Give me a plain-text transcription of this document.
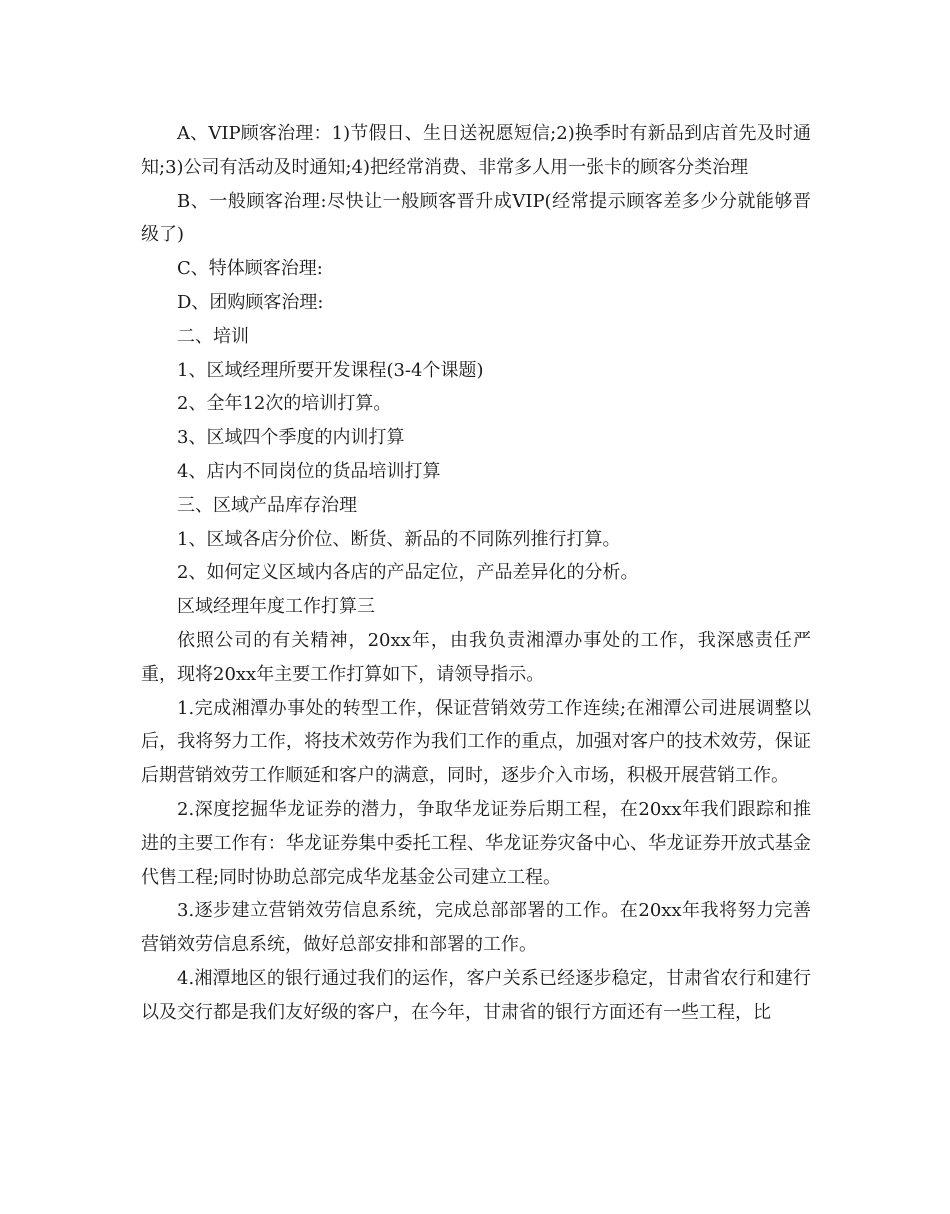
A、VIP顾客治理：1)节假日、生日送祝愿短信;2)换季时有新品到店首先及时通知;3)公司有活动及时通知;4)把经常消费、非常多人用一张卡的顾客分类治理

B、一般顾客治理:尽快让一般顾客晋升成VIP(经常提示顾客差多少分就能够晋级了)

C、特体顾客治理:

D、团购顾客治理:

二、培训

1、区域经理所要开发课程(3-4个课题)

2、全年12次的培训打算。

3、区域四个季度的内训打算

4、店内不同岗位的货品培训打算

三、区域产品库存治理

1、区域各店分价位、断货、新品的不同陈列推行打算。

2、如何定义区域内各店的产品定位，产品差异化的分析。

区域经理年度工作打算三

依照公司的有关精神，20xx年，由我负责湘潭办事处的工作，我深感责任严重，现将20xx年主要工作打算如下，请领导指示。

1.完成湘潭办事处的转型工作，保证营销效劳工作连续;在湘潭公司进展调整以后，我将努力工作，将技术效劳作为我们工作的重点，加强对客户的技术效劳，保证后期营销效劳工作顺延和客户的满意，同时，逐步介入市场，积极开展营销工作。

2.深度挖掘华龙证券的潜力，争取华龙证券后期工程，在20xx年我们跟踪和推进的主要工作有：华龙证券集中委托工程、华龙证券灾备中心、华龙证券开放式基金代售工程;同时协助总部完成华龙基金公司建立工程。

3.逐步建立营销效劳信息系统，完成总部部署的工作。在20xx年我将努力完善营销效劳信息系统，做好总部安排和部署的工作。

4.湘潭地区的银行通过我们的运作，客户关系已经逐步稳定，甘肃省农行和建行以及交行都是我们友好级的客户，在今年，甘肃省的银行方面还有一些工程，比
